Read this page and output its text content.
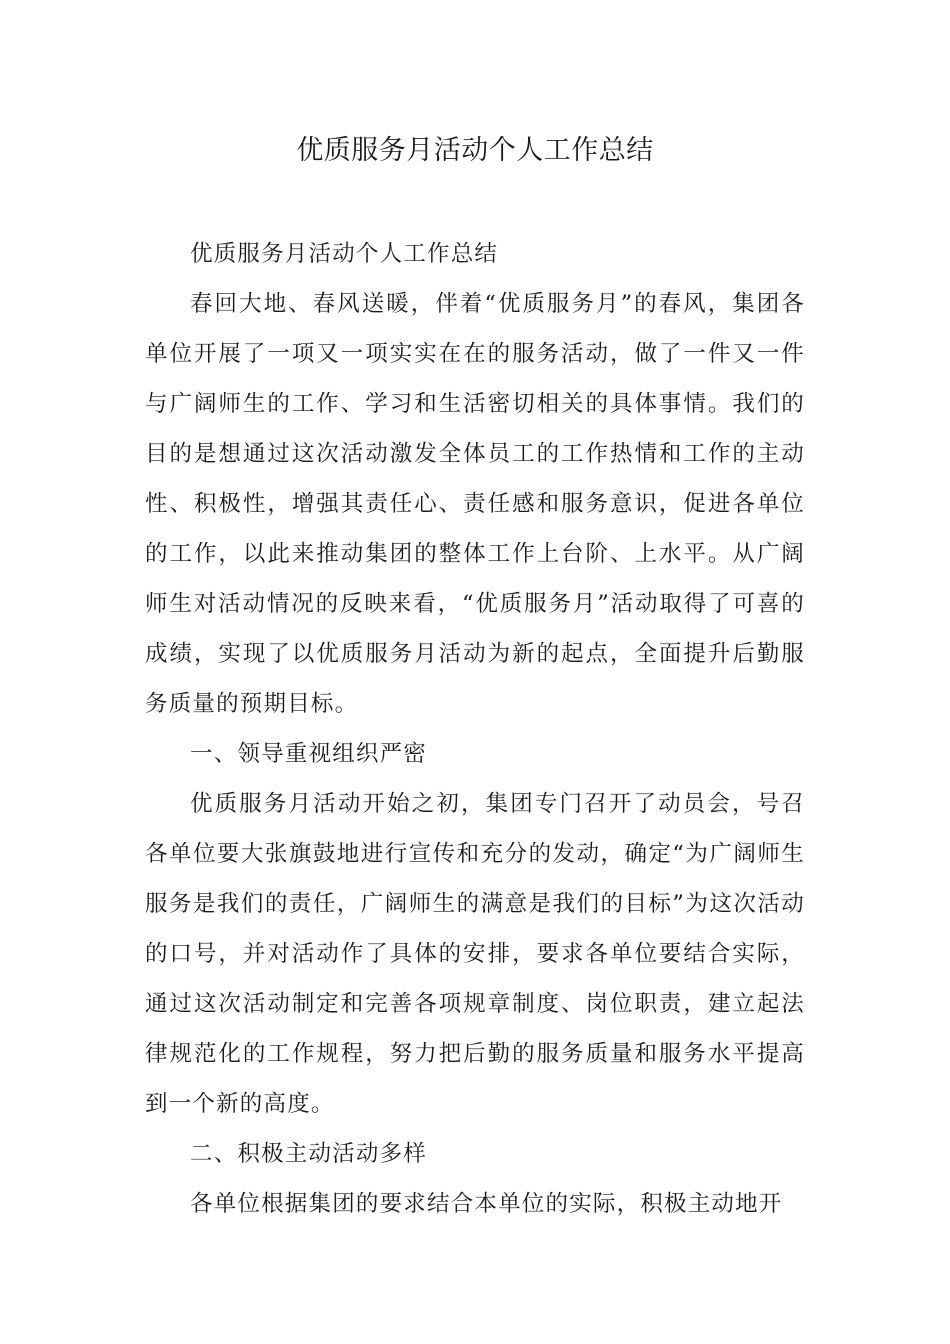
优质服务月活动个人工作总结

优质服务月活动个人工作总结

春回大地、春风送暖，伴着“优质服务月”的春风，集团各单位开展了一项又一项实实在在的服务活动，做了一件又一件与广阔师生的工作、学习和生活密切相关的具体事情。我们的目的是想通过这次活动激发全体员工的工作热情和工作的主动性、积极性，增强其责任心、责任感和服务意识，促进各单位的工作，以此来推动集团的整体工作上台阶、上水平。从广阔师生对活动情况的反映来看，“优质服务月”活动取得了可喜的成绩，实现了以优质服务月活动为新的起点，全面提升后勤服务质量的预期目标。

一、领导重视组织严密

优质服务月活动开始之初，集团专门召开了动员会，号召各单位要大张旗鼓地进行宣传和充分的发动，确定“为广阔师生服务是我们的责任，广阔师生的满意是我们的目标”为这次活动的口号，并对活动作了具体的安排，要求各单位要结合实际，通过这次活动制定和完善各项规章制度、岗位职责，建立起法律规范化的工作规程，努力把后勤的服务质量和服务水平提高到一个新的高度。

二、积极主动活动多样

各单位根据集团的要求结合本单位的实际，积极主动地开
